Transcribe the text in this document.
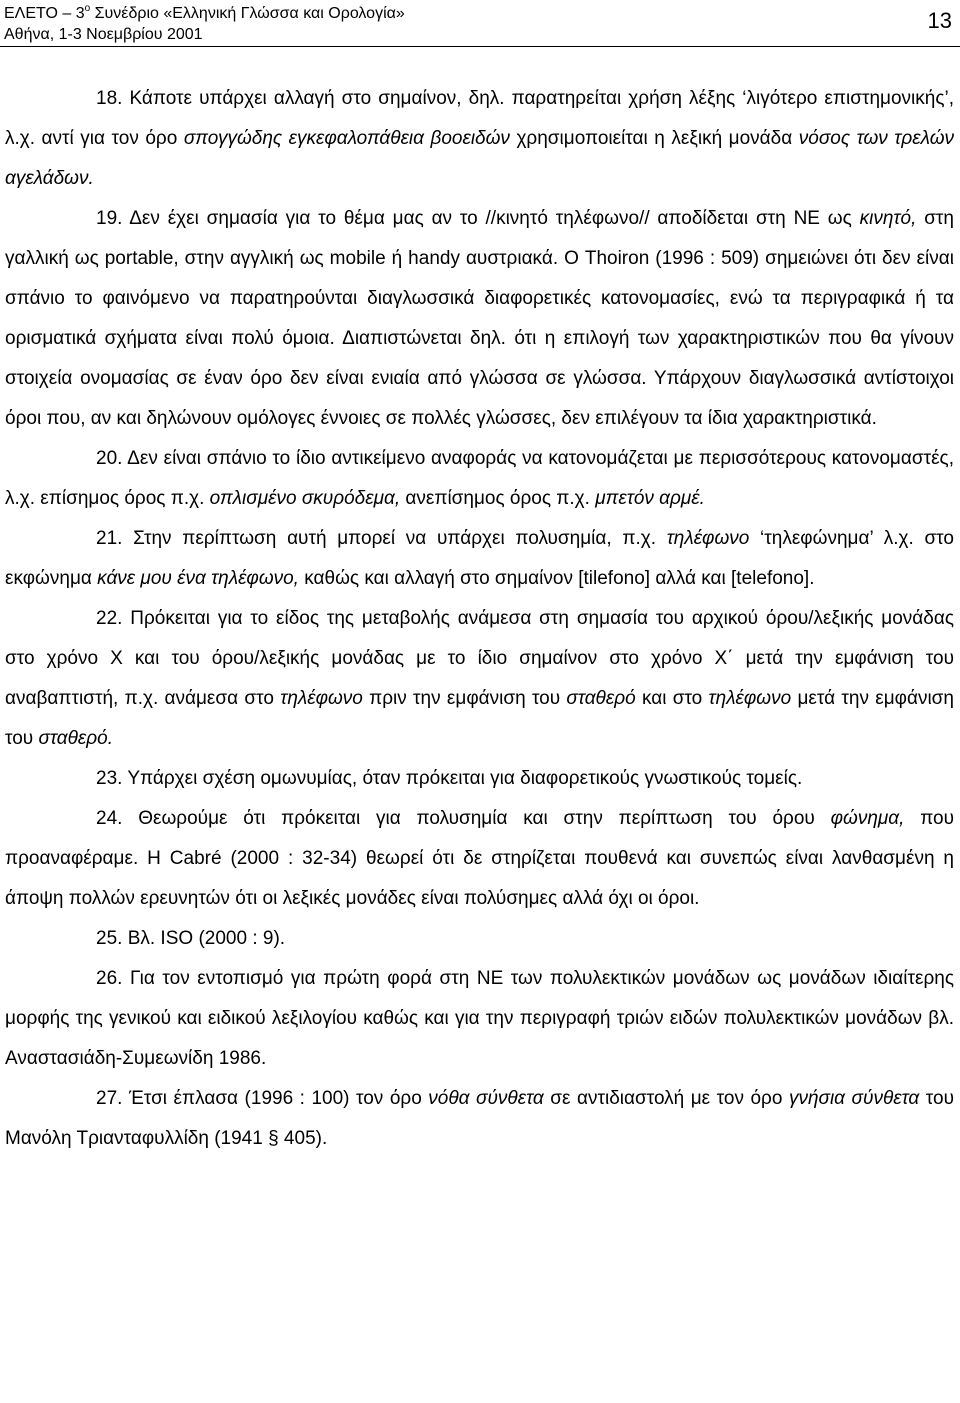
ΕΛΕΤΟ – $3^o$ Συνέδριο «Ελληνική Γλώσσα και Ορολογία»
Αθήνα, 1-3 Νοεμβρίου 2001
13

18. Κάποτε υπάρχει αλλαγή στο σημαίνον, δηλ. παρατηρείται χρήση λέξης ‘λιγότερο επιστημονικής’, λ.χ. αντί για τον όρο σπογγώδης εγκεφαλοπάθεια βοοειδών χρησιμοποιείται η λεξική μονάδα νόσος των τρελών αγελάδων.

19. Δεν έχει σημασία για το θέμα μας αν το //κινητό τηλέφωνο// αποδίδεται στη ΝΕ ως κινητό, στη γαλλική ως portable, στην αγγλική ως mobile ή handy αυστριακά. Ο Thoiron (1996 : 509) σημειώνει ότι δεν είναι σπάνιο το φαινόμενο να παρατηρούνται διαγλωσσικά διαφορετικές κατονομασίες, ενώ τα περιγραφικά ή τα ορισματικά σχήματα είναι πολύ όμοια. Διαπιστώνεται δηλ. ότι η επιλογή των χαρακτηριστικών που θα γίνουν στοιχεία ονομασίας σε έναν όρο δεν είναι ενιαία από γλώσσα σε γλώσσα. Υπάρχουν διαγλωσσικά αντίστοιχοι όροι που, αν και δηλώνουν ομόλογες έννοιες σε πολλές γλώσσες, δεν επιλέγουν τα ίδια χαρακτηριστικά.

20. Δεν είναι σπάνιο το ίδιο αντικείμενο αναφοράς να κατονομάζεται με περισσότερους κατονομαστές, λ.χ. επίσημος όρος π.χ. οπλισμένο σκυρόδεμα, ανεπίσημος όρος π.χ. μπετόν αρμέ.

21. Στην περίπτωση αυτή μπορεί να υπάρχει πολυσημία, π.χ. τηλέφωνο ‘τηλεφώνημα’ λ.χ. στο εκφώνημα κάνε μου ένα τηλέφωνο, καθώς και αλλαγή στο σημαίνον [tilefono] αλλά και [telefono].

22. Πρόκειται για το είδος της μεταβολής ανάμεσα στη σημασία του αρχικού όρου/λεξικής μονάδας στο χρόνο Χ και του όρου/λεξικής μονάδας με το ίδιο σημαίνον στο χρόνο Χ΄ μετά την εμφάνιση του αναβαπτιστή, π.χ. ανάμεσα στο τηλέφωνο πριν την εμφάνιση του σταθερό και στο τηλέφωνο μετά την εμφάνιση του σταθερό.

23. Υπάρχει σχέση ομωνυμίας, όταν πρόκειται για διαφορετικούς γνωστικούς τομείς.

24. Θεωρούμε ότι πρόκειται για πολυσημία και στην περίπτωση του όρου φώνημα, που προαναφέραμε. Η Cabré (2000 : 32-34) θεωρεί ότι δε στηρίζεται πουθενά και συνεπώς είναι λανθασμένη η άποψη πολλών ερευνητών ότι οι λεξικές μονάδες είναι πολύσημες αλλά όχι οι όροι.

25. Βλ. ISO (2000 : 9).

26. Για τον εντοπισμό για πρώτη φορά στη ΝΕ των πολυλεκτικών μονάδων ως μονάδων ιδιαίτερης μορφής της γενικού και ειδικού λεξιλογίου καθώς και για την περιγραφή τριών ειδών πολυλεκτικών μονάδων βλ. Αναστασιάδη-Συμεωνίδη 1986.

27. Έτσι έπλασα (1996 : 100) τον όρο νόθα σύνθετα σε αντιδιαστολή με τον όρο γνήσια σύνθετα του Μανόλη Τριανταφυλλίδη (1941 § 405).
